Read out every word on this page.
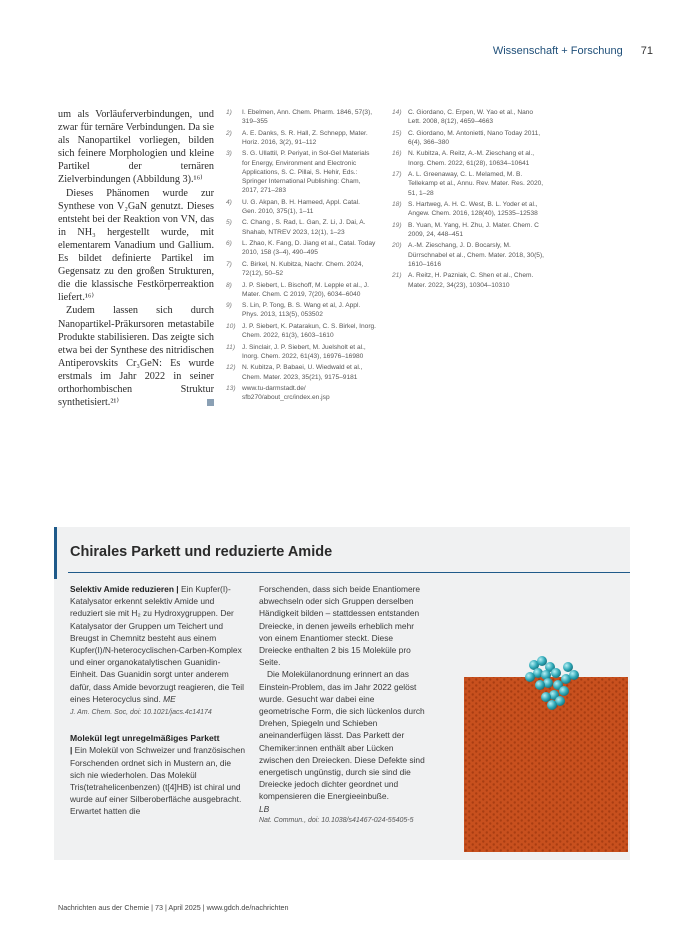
Wissenschaft + Forschung 71

um als Vorläuferverbindungen, und zwar für ternäre Verbindungen. Da sie als Nanopartikel vorliegen, bilden sich feinere Morphologien und kleine Partikel der ternären Zielverbindungen (Abbildung 3).¹⁶⁾

Dieses Phänomen wurde zur Synthese von V₂GaN genutzt. Dieses entsteht bei der Reaktion von VN, das in NH₃ hergestellt wurde, mit elementarem Vanadium und Gallium. Es bildet definierte Partikel im Gegensatz zu den großen Strukturen, die die klassische Festkörperreaktion liefert.¹⁶⁾

Zudem lassen sich durch Nanopartikel-Präkursoren metastabile Produkte stabilisieren. Das zeigte sich etwa bei der Synthese des nitridischen Antiperovskits Cr₃GeN: Es wurde erstmals im Jahr 2022 in seiner orthorhombischen Struktur synthetisiert.²¹⁾

1)	I. Ebelmen, Ann. Chem. Pharm. 1846, 57(3), 319–355
2)	A. E. Danks, S. R. Hall, Z. Schnepp, Mater. Horiz. 2016, 3(2), 91–112
3)	S. G. Ullattil, P. Periyat, in Sol-Gel Materials for Energy, Environment and Electronic Applications, S. C. Pillai, S. Hehir, Eds.: Springer International Publishing: Cham, 2017, 271–283
4)	U. G. Akpan, B. H. Hameed, Appl. Catal. Gen. 2010, 375(1), 1–11
5)	C. Chang , S. Rad, L. Gan, Z. Li, J. Dai, A. Shahab, NTREV 2023, 12(1), 1–23
6)	L. Zhao, K. Fang, D. Jiang et al., Catal. Today 2010, 158 (3–4), 490–495
7)	C. Birkel, N. Kubitza, Nachr. Chem. 2024, 72(12), 50–52
8)	J. P. Siebert, L. Bischoff, M. Lepple et al., J. Mater. Chem. C 2019, 7(20), 6034–6040
9)	S. Lin, P. Tong, B. S. Wang et al, J. Appl. Phys. 2013, 113(5), 053502
10) J. P. Siebert, K. Patarakun, C. S. Birkel, Inorg. Chem. 2022, 61(3), 1603–1610
11)	J. Sinclair, J. P. Siebert, M. Juelsholt et al., Inorg. Chem. 2022, 61(43), 16976–16980
12) N. Kubitza, P. Babaei, U. Wiedwald et al., Chem. Mater. 2023, 35(21), 9175–9181
13) www.tu-darmstadt.de/ sfb270/about_crc/index.en.jsp
14) C. Giordano, C. Erpen, W. Yao et al., Nano Lett. 2008, 8(12), 4659–4663
15) C. Giordano, M. Antonietti, Nano Today 2011, 6(4), 366–380
16) N. Kubitza, A. Reitz, A.-M. Zieschang et al., Inorg. Chem. 2022, 61(28), 10634–10641
17) A. L. Greenaway, C. L. Melamed, M. B. Tellekamp et al., Annu. Rev. Mater. Res. 2020, 51, 1–28
18) S. Hartweg, A. H. C. West, B. L. Yoder et al., Angew. Chem. 2016, 128(40), 12535–12538
19) B. Yuan, M. Yang, H. Zhu, J. Mater. Chem. C 2009, 24, 448–451
20) A.-M. Zieschang, J. D. Bocarsly, M. Dürrschnabel et al., Chem. Mater. 2018, 30(5), 1610–1616
21) A. Reitz, H. Pazniak, C. Shen et al., Chem. Mater. 2022, 34(23), 10304–10310
Chirales Parkett und reduzierte Amide

Selektiv Amide reduzieren | Ein Kupfer(I)-Katalysator erkennt selektiv Amide und reduziert sie mit H₂ zu Hydroxygruppen. Der Katalysator der Gruppen um Teichert und Breugst in Chemnitz besteht aus einem Kupfer(I)/N-heterocyclischen-Carben-Komplex und einer organokatalytischen Guanidin-Einheit. Das Guanidin sorgt unter anderem dafür, dass Amide bevorzugt reagieren, die Teil eines Heterocyclus sind. ME
J. Am. Chem. Soc, doi: 10.1021/jacs.4c14174

Molekül legt unregelmäßiges Parkett

| Ein Molekül von Schweizer und französischen Forschenden ordnet sich in Mustern an, die sich nie wiederholen. Das Molekül Tris(tetrahelicenbenzen) (t[4]HB) ist chiral und wurde auf einer Silberoberfläche ausgebracht. Erwartet hatten die

Forschenden, dass sich beide Enantiomere abwechseln oder sich Gruppen derselben Händigkeit bilden – stattdessen entstanden Dreiecke, in denen jeweils erheblich mehr von einem Enantiomer steckt. Diese Dreiecke enthalten 2 bis 15 Moleküle pro Seite.

Die Molekülanordnung erinnert an das Einstein-Problem, das im Jahr 2022 gelöst wurde. Gesucht war dabei eine geometrische Form, die sich lückenlos durch Drehen, Spiegeln und Schieben aneinanderfügen lässt. Das Parkett der Chemiker:innen enthält aber Lücken zwischen den Dreiecken. Diese Defekte sind energetisch ungünstig, durch sie sind die Dreiecke jedoch dichter geordnet und kompensieren die Energieeinbuße.

LB

Nat. Commun., doi: 10.1038/s41467-024-55405-5

Nachrichten aus der Chemie | 73 | April 2025 | www.gdch.de/nachrichten
